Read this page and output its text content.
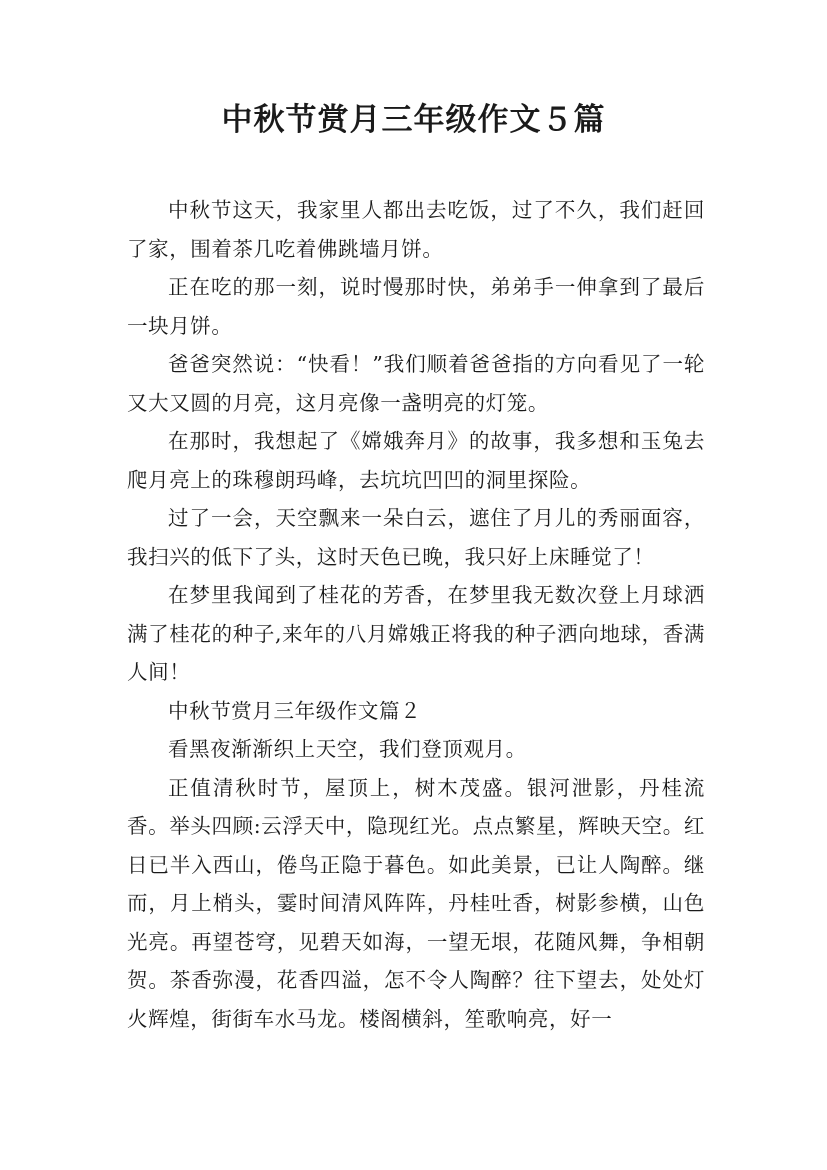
中秋节赏月三年级作文５篇

中秋节这天，我家里人都出去吃饭，过了不久，我们赶回了家，围着茶几吃着佛跳墙月饼。

正在吃的那一刻，说时慢那时快，弟弟手一伸拿到了最后一块月饼。

爸爸突然说：“快看！”我们顺着爸爸指的方向看见了一轮又大又圆的月亮，这月亮像一盏明亮的灯笼。

在那时，我想起了《嫦娥奔月》的故事，我多想和玉兔去爬月亮上的珠穆朗玛峰，去坑坑凹凹的洞里探险。

过了一会，天空飘来一朵白云，遮住了月儿的秀丽面容，我扫兴的低下了头，这时天色已晚，我只好上床睡觉了！

在梦里我闻到了桂花的芳香，在梦里我无数次登上月球洒满了桂花的种子,来年的八月嫦娥正将我的种子洒向地球，香满人间！

中秋节赏月三年级作文篇２

看黑夜渐渐织上天空，我们登顶观月。

正值清秋时节，屋顶上，树木茂盛。银河泄影，丹桂流香。举头四顾:云浮天中，隐现红光。点点繁星，辉映天空。红日已半入西山，倦鸟正隐于暮色。如此美景，已让人陶醉。继而，月上梢头，霎时间清风阵阵，丹桂吐香，树影参横，山色光亮。再望苍穹，见碧天如海，一望无垠，花随风舞，争相朝贺。茶香弥漫，花香四溢，怎不令人陶醉？往下望去，处处灯火辉煌，街街车水马龙。楼阁横斜，笙歌响亮，好一
